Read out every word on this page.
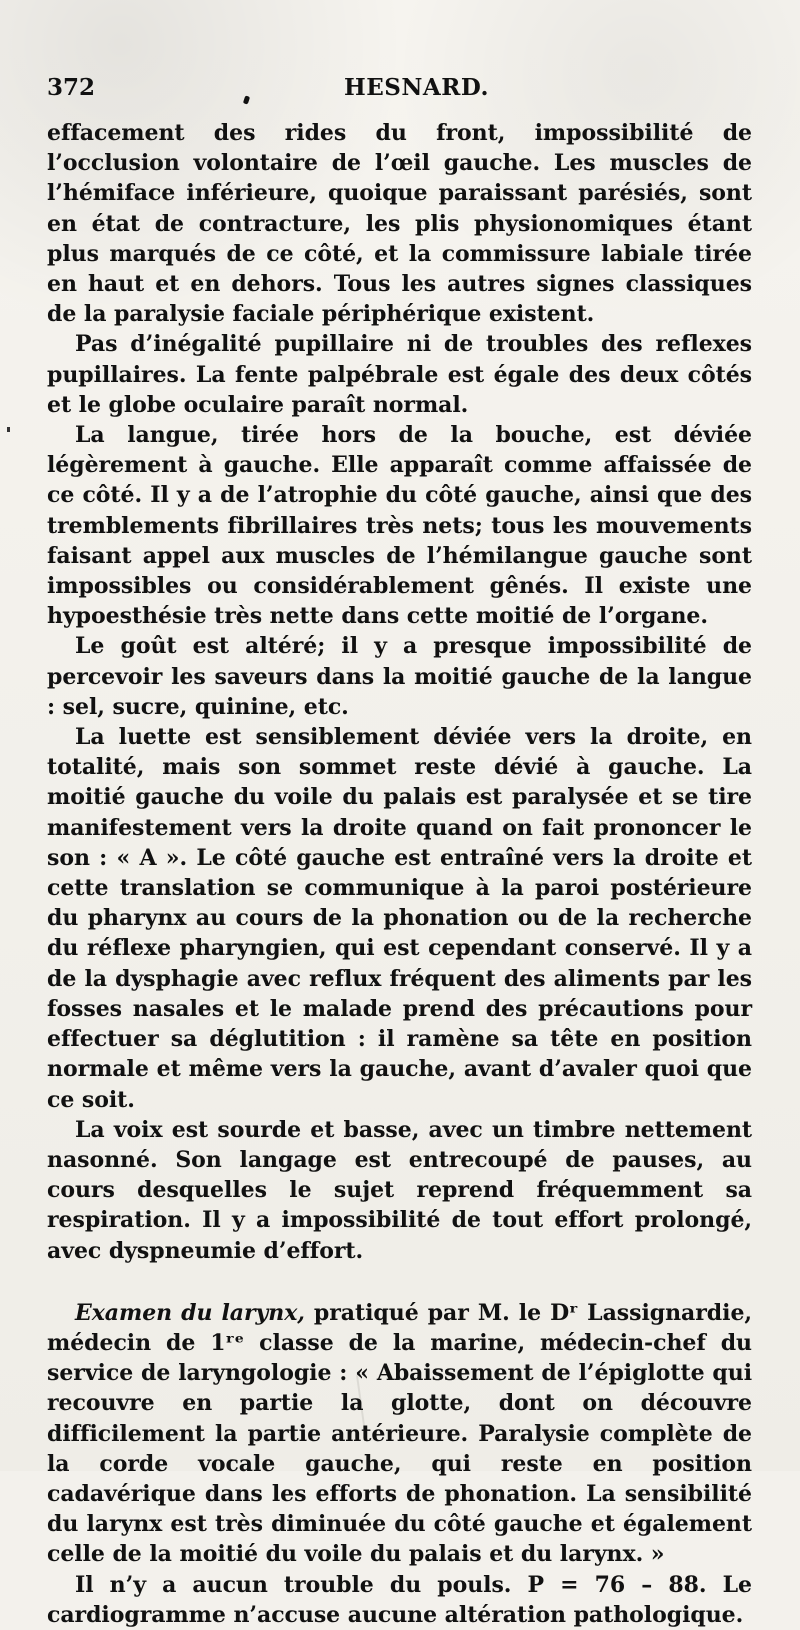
372	HESNARD.

effacement des rides du front, impossibilité de l’occlusion volontaire de l’œil gauche. Les muscles de l’hémiface inférieure, quoique paraissant parésiés, sont en état de contracture, les plis physionomiques étant plus marqués de ce côté, et la commissure labiale tirée en haut et en dehors. Tous les autres signes classiques de la paralysie faciale périphérique existent.

Pas d’inégalité pupillaire ni de troubles des reflexes pupillaires. La fente palpébrale est égale des deux côtés et le globe oculaire paraît normal.

La langue, tirée hors de la bouche, est déviée légèrement à gauche. Elle apparaît comme affaissée de ce côté. Il y a de l’atrophie du côté gauche, ainsi que des tremblements fibrillaires très nets; tous les mouvements faisant appel aux muscles de l’hémilangue gauche sont impossibles ou considérablement gênés. Il existe une hypoesthésie très nette dans cette moitié de l’organe.

Le goût est altéré; il y a presque impossibilité de percevoir les saveurs dans la moitié gauche de la langue : sel, sucre, quinine, etc.

La luette est sensiblement déviée vers la droite, en totalité, mais son sommet reste dévié à gauche. La moitié gauche du voile du palais est paralysée et se tire manifestement vers la droite quand on fait prononcer le son : « A ». Le côté gauche est entraîné vers la droite et cette translation se communique à la paroi postérieure du pharynx au cours de la phonation ou de la recherche du réflexe pharyngien, qui est cependant conservé. Il y a de la dysphagie avec reflux fréquent des aliments par les fosses nasales et le malade prend des précautions pour effectuer sa déglutition : il ramène sa tête en position normale et même vers la gauche, avant d’avaler quoi que ce soit.

La voix est sourde et basse, avec un timbre nettement nasonné. Son langage est entrecoupé de pauses, au cours desquelles le sujet reprend fréquemment sa respiration. Il y a impossibilité de tout effort prolongé, avec dyspneumie d’effort.

Examen du larynx, pratiqué par M. le Dʳ Lassignardie, médecin de 1ʳᵉ classe de la marine, médecin-chef du service de laryngologie : « Abaissement de l’épiglotte qui recouvre en partie la glotte, dont on découvre difficilement la partie antérieure. Paralysie complète de la corde vocale gauche, qui reste en position cadavérique dans les efforts de phonation. La sensibilité du larynx est très diminuée du côté gauche et également celle de la moitié du voile du palais et du larynx. »

Il n’y a aucun trouble du pouls. P = 76 – 88. Le cardiogramme n’accuse aucune altération pathologique.
